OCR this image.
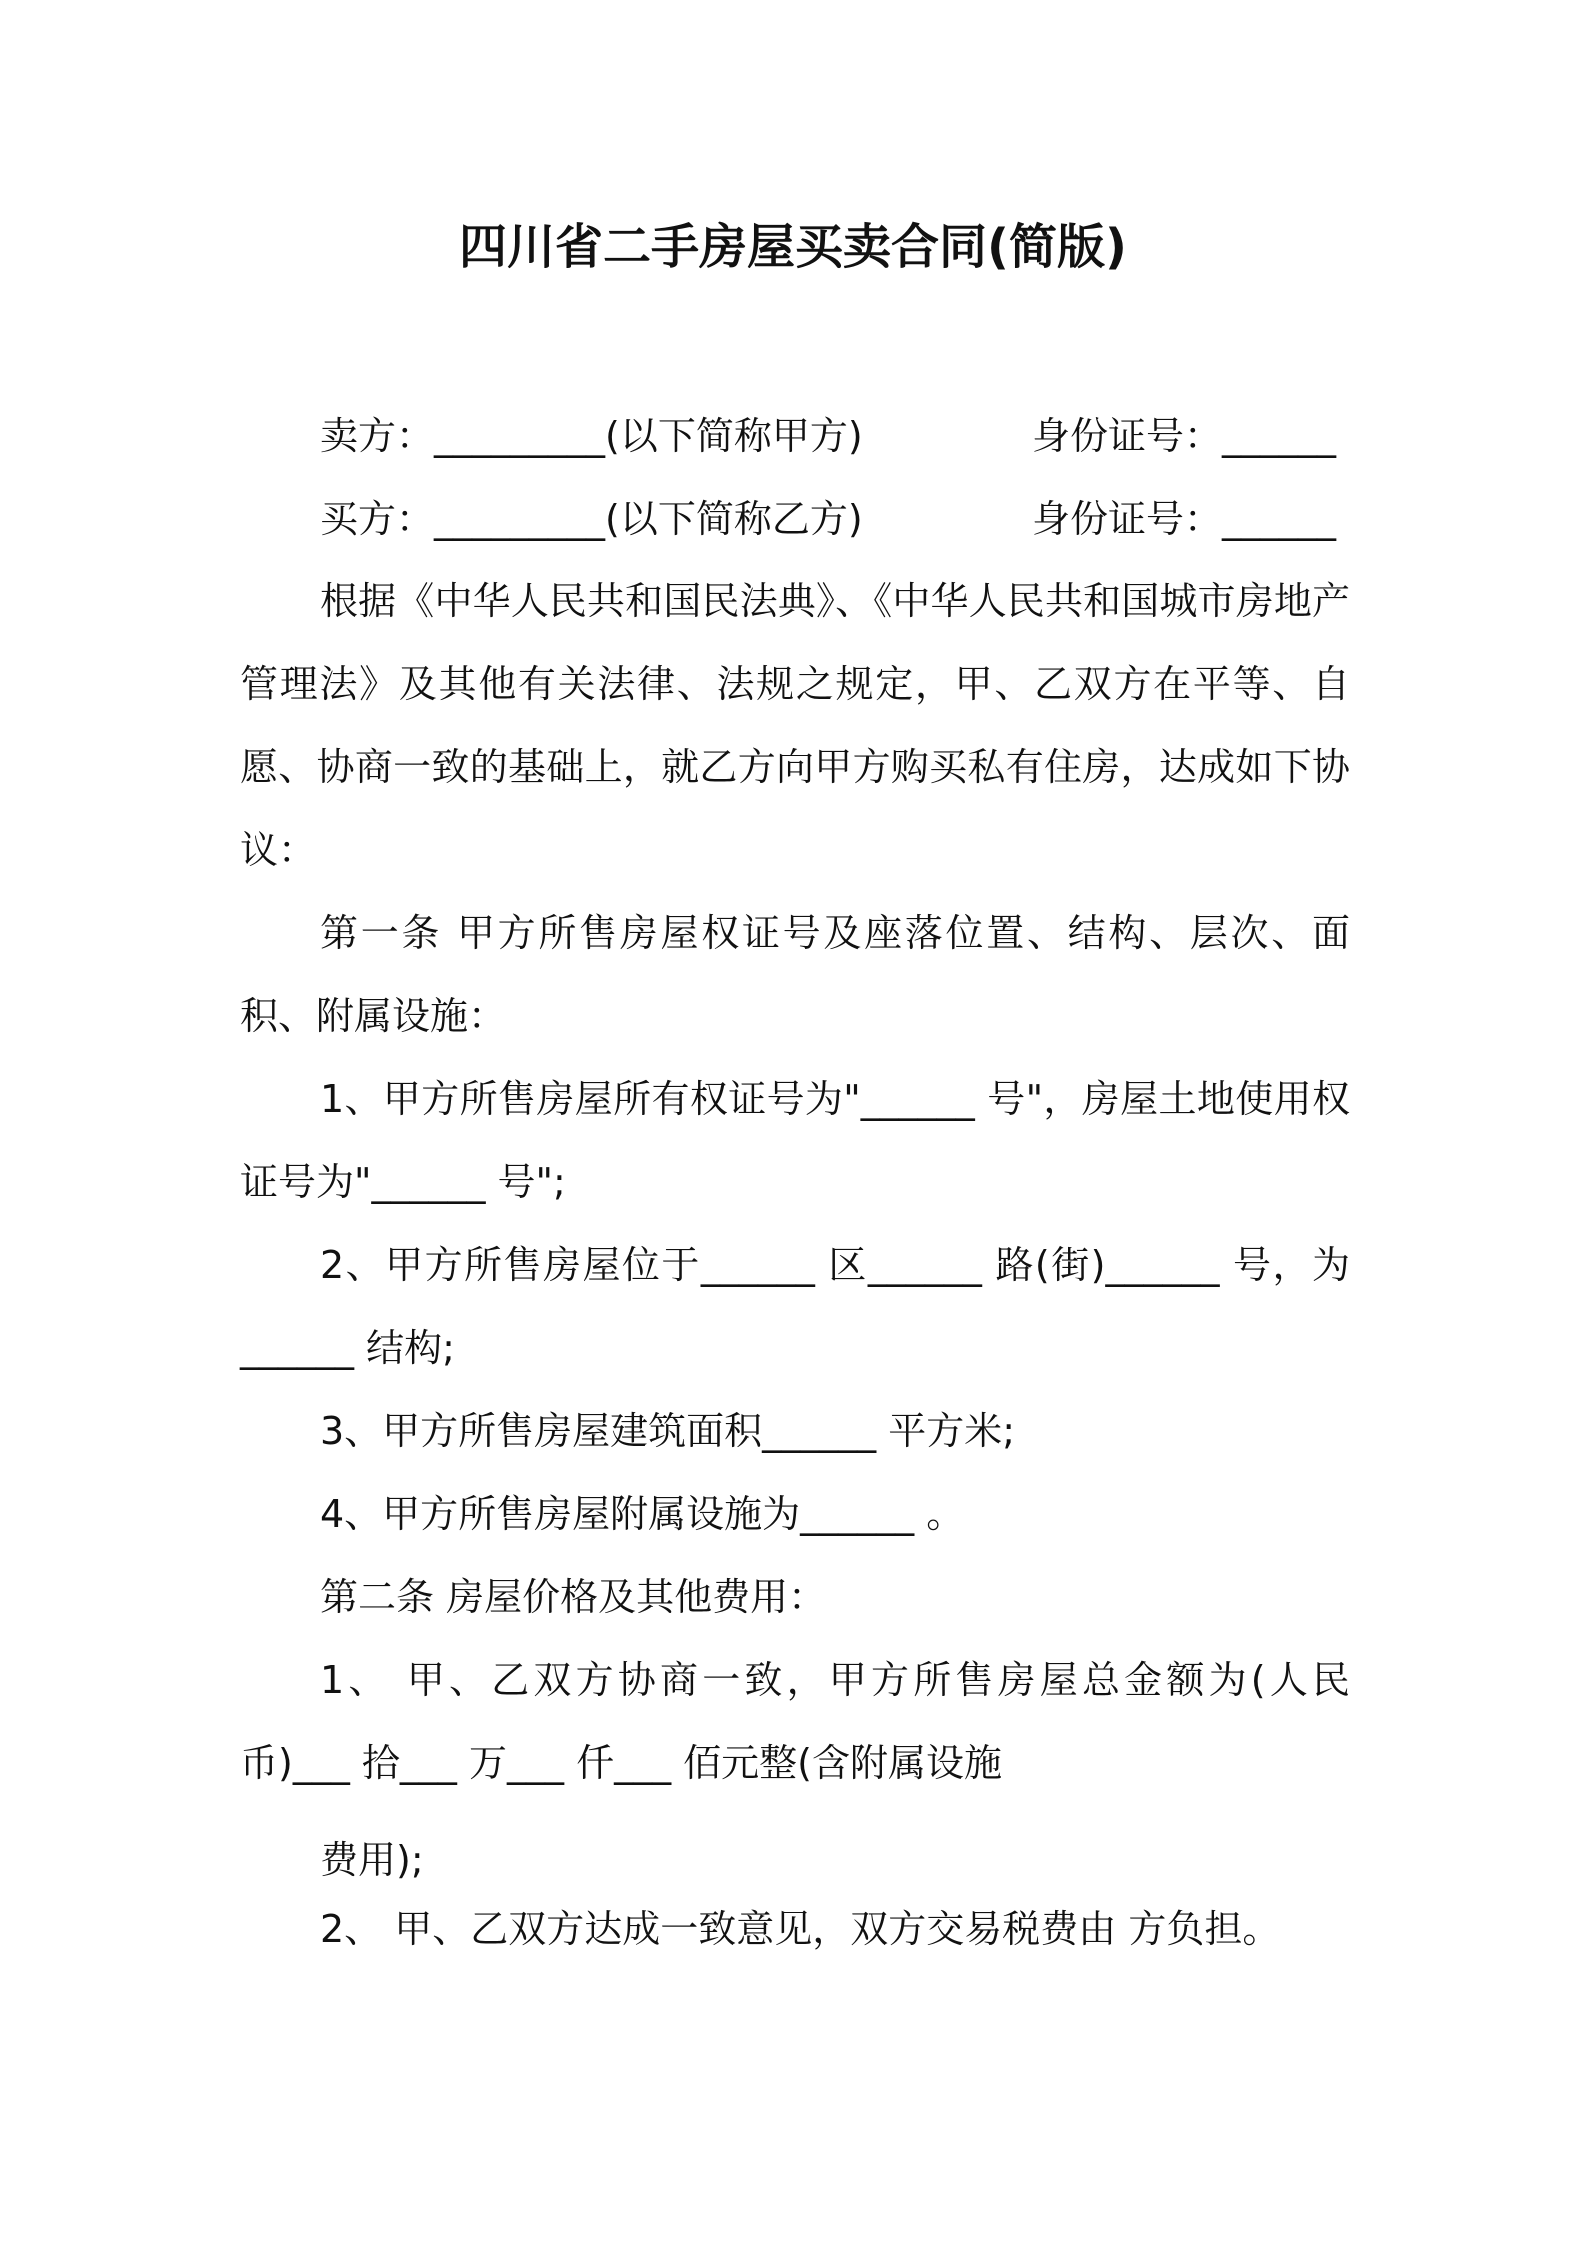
四川省二手房屋买卖合同(简版)
卖方：_________(以下简称甲方)	身份证号：______
买方：_________(以下简称乙方)	身份证号：______

根据《中华人民共和国民法典》、《中华人民共和国城市房地产管理法》及其他有关法律、法规之规定，甲、乙双方在平等、自愿、协商一致的基础上，就乙方向甲方购买私有住房，达成如下协议：

第一条 甲方所售房屋权证号及座落位置、结构、层次、面积、附属设施：

1、甲方所售房屋所有权证号为"______ 号"，房屋土地使用权证号为"______ 号";

2、甲方所售房屋位于______ 区______ 路(街)______ 号，为______ 结构;

3、甲方所售房屋建筑面积______ 平方米;

4、甲方所售房屋附属设施为______ 。

第二条 房屋价格及其他费用：

1、 甲、乙双方协商一致，甲方所售房屋总金额为(人民币)___ 拾___ 万___ 仟___ 佰元整(含附属设施

费用);

2、 甲、乙双方达成一致意见，双方交易税费由 方负担。
